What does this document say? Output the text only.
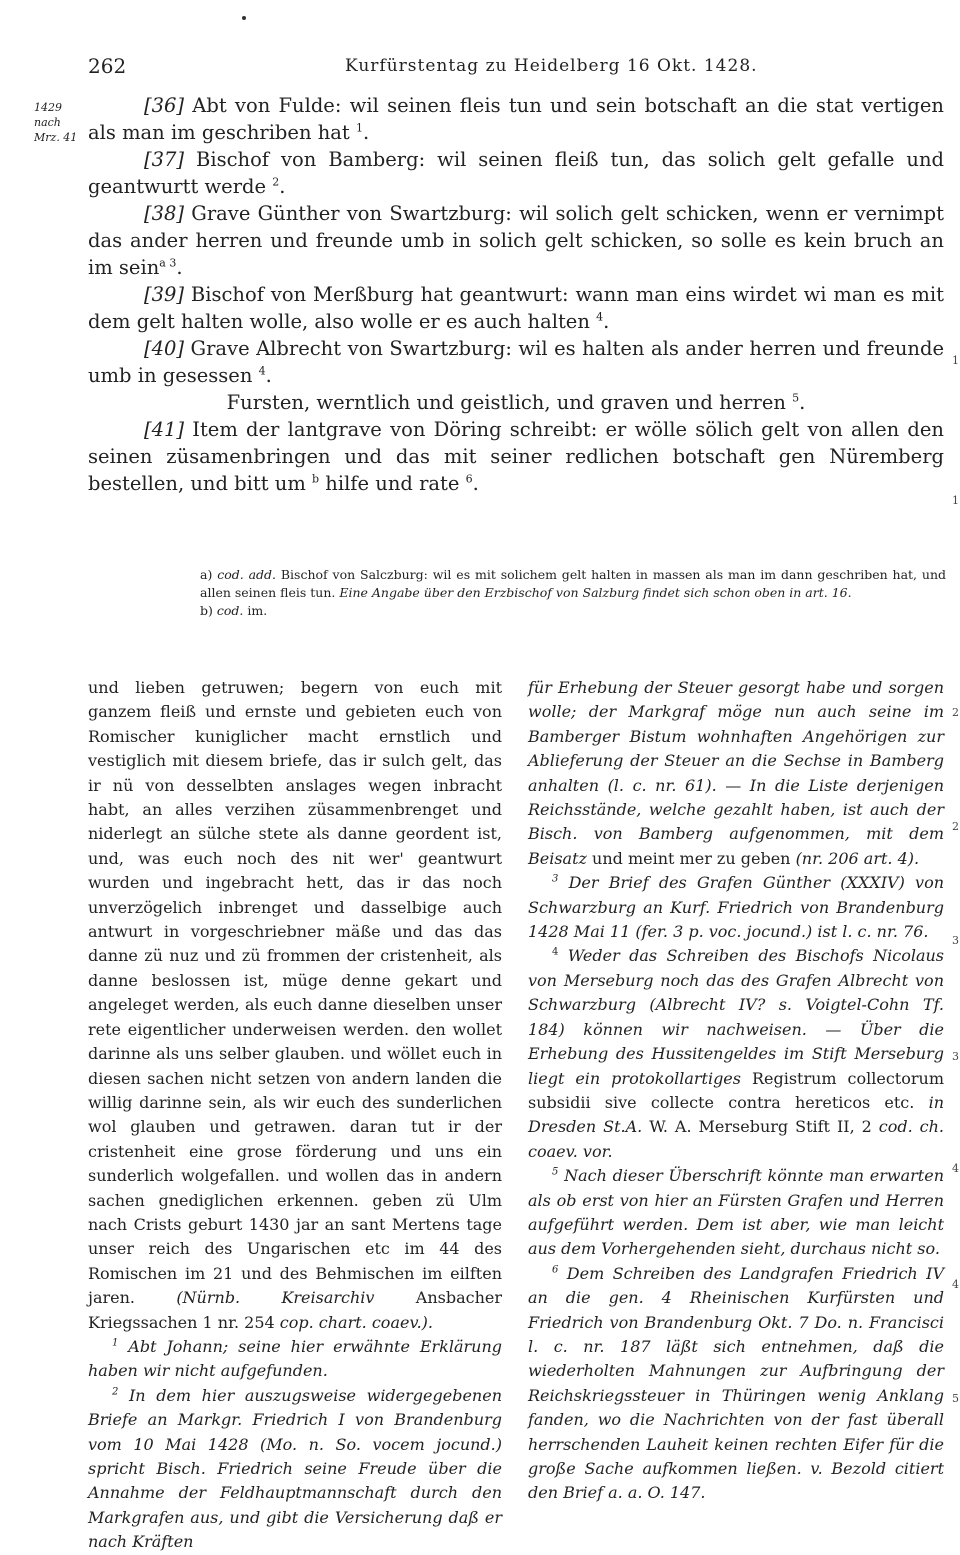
262	Kurfürstentag zu Heidelberg 16 Okt. 1428.
1429
nach
Mrz. 41

[36] Abt von Fulde: wil seinen fleis tun und sein botschaft an die stat vertigen als man im geschriben hat $^1$.

[37] Bischof von Bamberg: wil seinen fleiß tun, das solich gelt gefalle und geantwurtt werde $^2$.

[38] Grave Günther von Swartzburg: wil solich gelt schicken, wenn er vernimpt das ander herren und freunde umb in solich gelt schicken, so solle es kein bruch an im sein$^{a 3}$.

[39] Bischof von Merßburg hat geantwurt: wann man eins wirdet wi man es mit dem gelt halten wolle, also wolle er es auch halten $^4$.

[40] Grave Albrecht von Swartzburg: wil es halten als ander herren und freunde umb in gesessen $^4$.

Fursten, werntlich und geistlich, und graven und herren $^5$.

[41] Item der lantgrave von Döring schreibt: er wölle sölich gelt von allen den seinen züsamenbringen und das mit seiner redlichen botschaft gen Nüremberg bestellen, und bitt um $^b$ hilfe und rate $^6$.

a) cod. add. Bischof von Salczburg: wil es mit solichem gelt halten in massen als man im dann geschriben hat, und allen seinen fleis tun. Eine Angabe über den Erzbischof von Salzburg findet sich schon oben in art. 16.

b) cod. im.

und lieben getruwen; begern von euch mit ganzem fleiß und ernste und gebieten euch von Romischer kuniglicher macht ernstlich und vestiglich mit diesem briefe, das ir sulch gelt, das ir nü von desselbten anslages wegen inbracht habt, an alles verzihen züsammenbrenget und niderlegt an sülche stete als danne geordent ist, und, was euch noch des nit wer' geantwurt wurden und ingebracht hett, das ir das noch unverzögelich inbrenget und dasselbige auch antwurt in vorgeschriebner mäße und das das danne zü nuz und zü frommen der cristenheit, als danne beslossen ist, müge denne gekart und angeleget werden, als euch danne dieselben unser rete eigentlicher underweisen werden. den wollet darinne als uns selber glauben. und wöllet euch in diesen sachen nicht setzen von andern landen die willig darinne sein, als wir euch des sunderlichen wol glauben und getrawen. daran tut ir der cristenheit eine grose förderung und uns ein sunderlich wolgefallen. und wollen das in andern sachen gnediglichen erkennen. geben zü Ulm nach Crists geburt 1430 jar an sant Mertens tage unser reich des Ungarischen etc im 44 des Romischen im 21 und des Behmischen im eilften jaren. (Nürnb. Kreisarchiv Ansbacher Kriegssachen 1 nr. 254 cop. chart. coaev.).

$^1$ Abt Johann; seine hier erwähnte Erklärung haben wir nicht aufgefunden.

$^2$ In dem hier auszugsweise widergegebenen Briefe an Markgr. Friedrich I von Brandenburg vom 10 Mai 1428 (Mo. n. So. vocem jocund.) spricht Bisch. Friedrich seine Freude über die Annahme der Feldhauptmannschaft durch den Markgrafen aus, und gibt die Versicherung daß er nach Kräften

für Erhebung der Steuer gesorgt habe und sorgen wolle; der Markgraf möge nun auch seine im Bamberger Bistum wohnhaften Angehörigen zur Ablieferung der Steuer an die Sechse in Bamberg anhalten (l. c. nr. 61). — In die Liste derjenigen Reichsstände, welche gezahlt haben, ist auch der Bisch. von Bamberg aufgenommen, mit dem Beisatz und meint mer zu geben (nr. 206 art. 4).

$^3$ Der Brief des Grafen Günther (XXXIV) von Schwarzburg an Kurf. Friedrich von Brandenburg 1428 Mai 11 (fer. 3 p. voc. jocund.) ist l. c. nr. 76.

$^4$ Weder das Schreiben des Bischofs Nicolaus von Merseburg noch das des Grafen Albrecht von Schwarzburg (Albrecht IV? s. Voigtel-Cohn Tf. 184) können wir nachweisen. — Über die Erhebung des Hussitengeldes im Stift Merseburg liegt ein protokollartiges Registrum collectorum subsidii sive collecte contra hereticos etc. in Dresden St.A. W. A. Merseburg Stift II, 2 cod. ch. coaev. vor.

$^5$ Nach dieser Überschrift könnte man erwarten als ob erst von hier an Fürsten Grafen und Herren aufgeführt werden. Dem ist aber, wie man leicht aus dem Vorhergehenden sieht, durchaus nicht so.

$^6$ Dem Schreiben des Landgrafen Friedrich IV an die gen. 4 Rheinischen Kurfürsten und Friedrich von Brandenburg Okt. 7 Do. n. Francisci l. c. nr. 187 läßt sich entnehmen, daß die wiederholten Mahnungen zur Aufbringung der Reichskriegssteuer in Thüringen wenig Anklang fanden, wo die Nachrichten von der fast überall herrschenden Lauheit keinen rechten Eifer für die große Sache aufkommen ließen. v. Bezold citiert den Brief a. a. O. 147.

1
1
2
2
3
3
4
4
5
